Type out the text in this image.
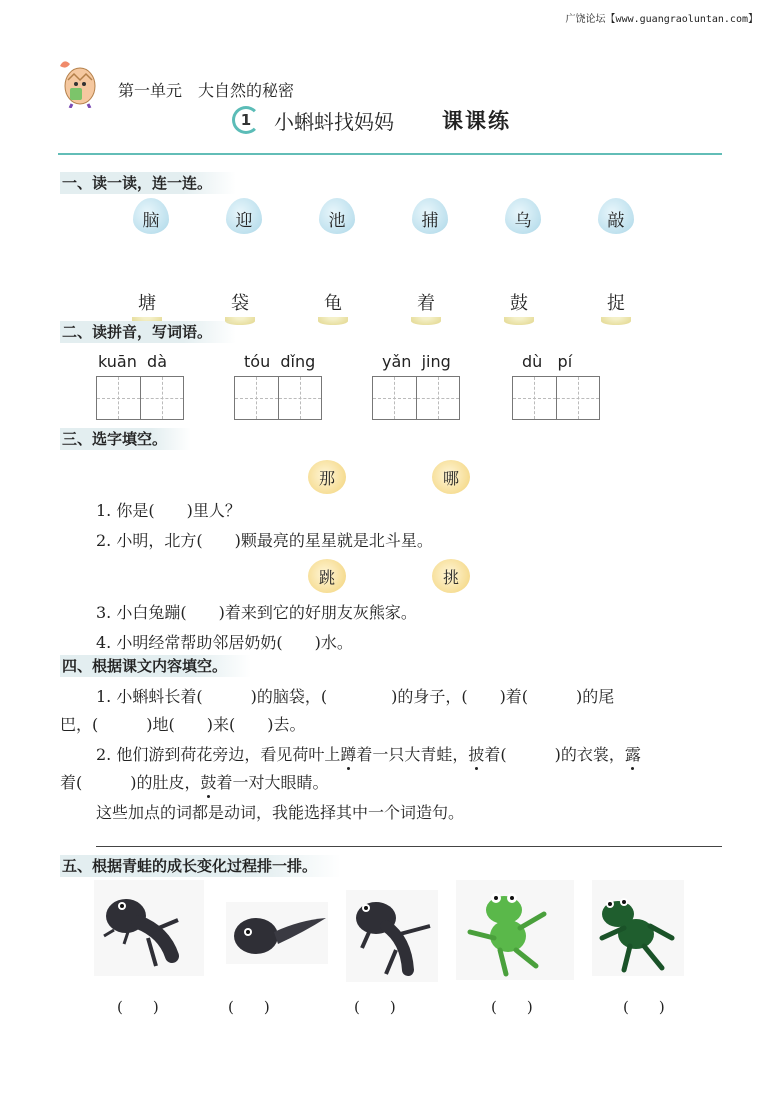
广饶论坛【www.guangraoluntan.com】
第一单元　大自然的秘密
1	小蝌蚪找妈妈 课课练
一、读一读，连一连。
脑	迎	池	捕	乌	敲
塘	袋	龟	着	鼓	捉
二、读拼音，写词语。
kuān  dà	tóu  dǐng	yǎn  jing	dù   pí
三、选字填空。
那	哪
1. 你是(　　)里人？
2. 小明，北方(　　)颗最亮的星星就是北斗星。
跳	挑
3. 小白兔蹦(　　)着来到它的好朋友灰熊家。
4. 小明经常帮助邻居奶奶(　　)水。
四、根据课文内容填空。
1. 小蝌蚪长着(　　　)的脑袋，(　　　　)的身子，(　　)着(　　　)的尾
巴，(　　　)地(　　)来(　　)去。
2. 他们游到荷花旁边，看见荷叶上蹲着一只大青蛙，披着(　　　)的衣裳，露
着(　　　)的肚皮，鼓着一对大眼睛。
这些加点的词都是动词，我能选择其中一个词造句。
五、根据青蛙的成长变化过程排一排。
(　　)	(　　)	(　　)	(　　)	(　　)
